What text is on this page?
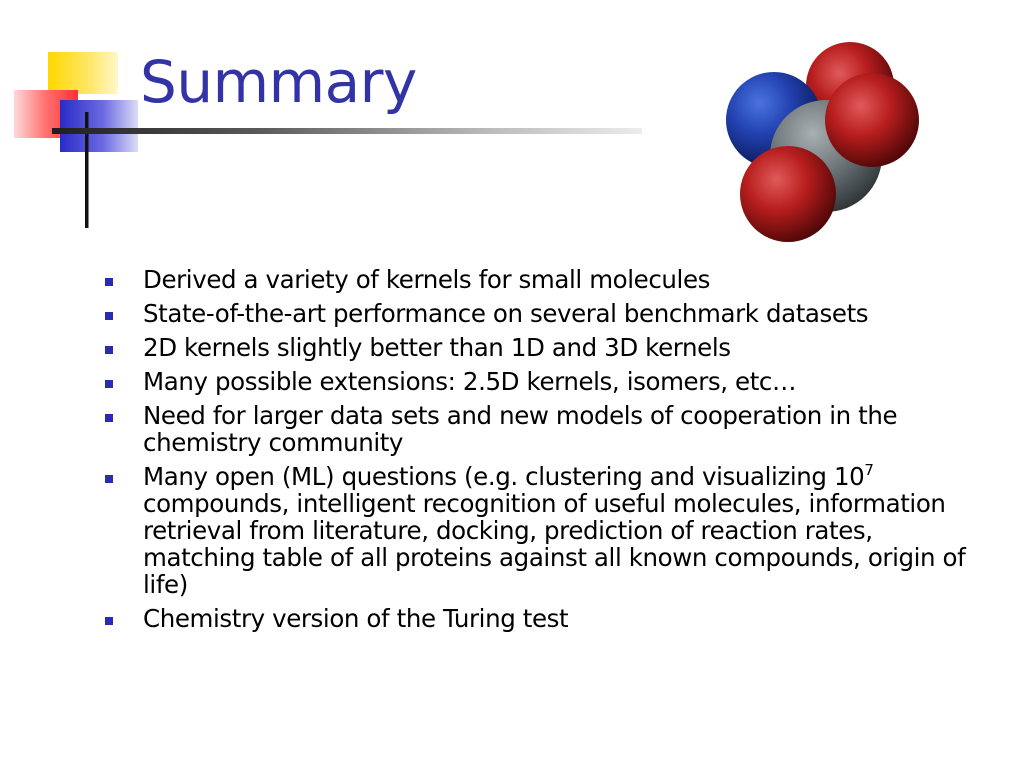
Summary
Derived a variety of kernels for small molecules
State-of-the-art performance on several benchmark datasets
2D kernels slightly better than 1D and 3D kernels
Many possible extensions: 2.5D kernels, isomers, etc…
Need for larger data sets and new models of cooperation in the chemistry community
Many open (ML) questions (e.g. clustering and visualizing $10^7$ compounds, intelligent recognition of useful molecules, information retrieval from literature, docking, prediction of reaction rates, matching table of all proteins against all known compounds, origin of life)
Chemistry version of the Turing test
